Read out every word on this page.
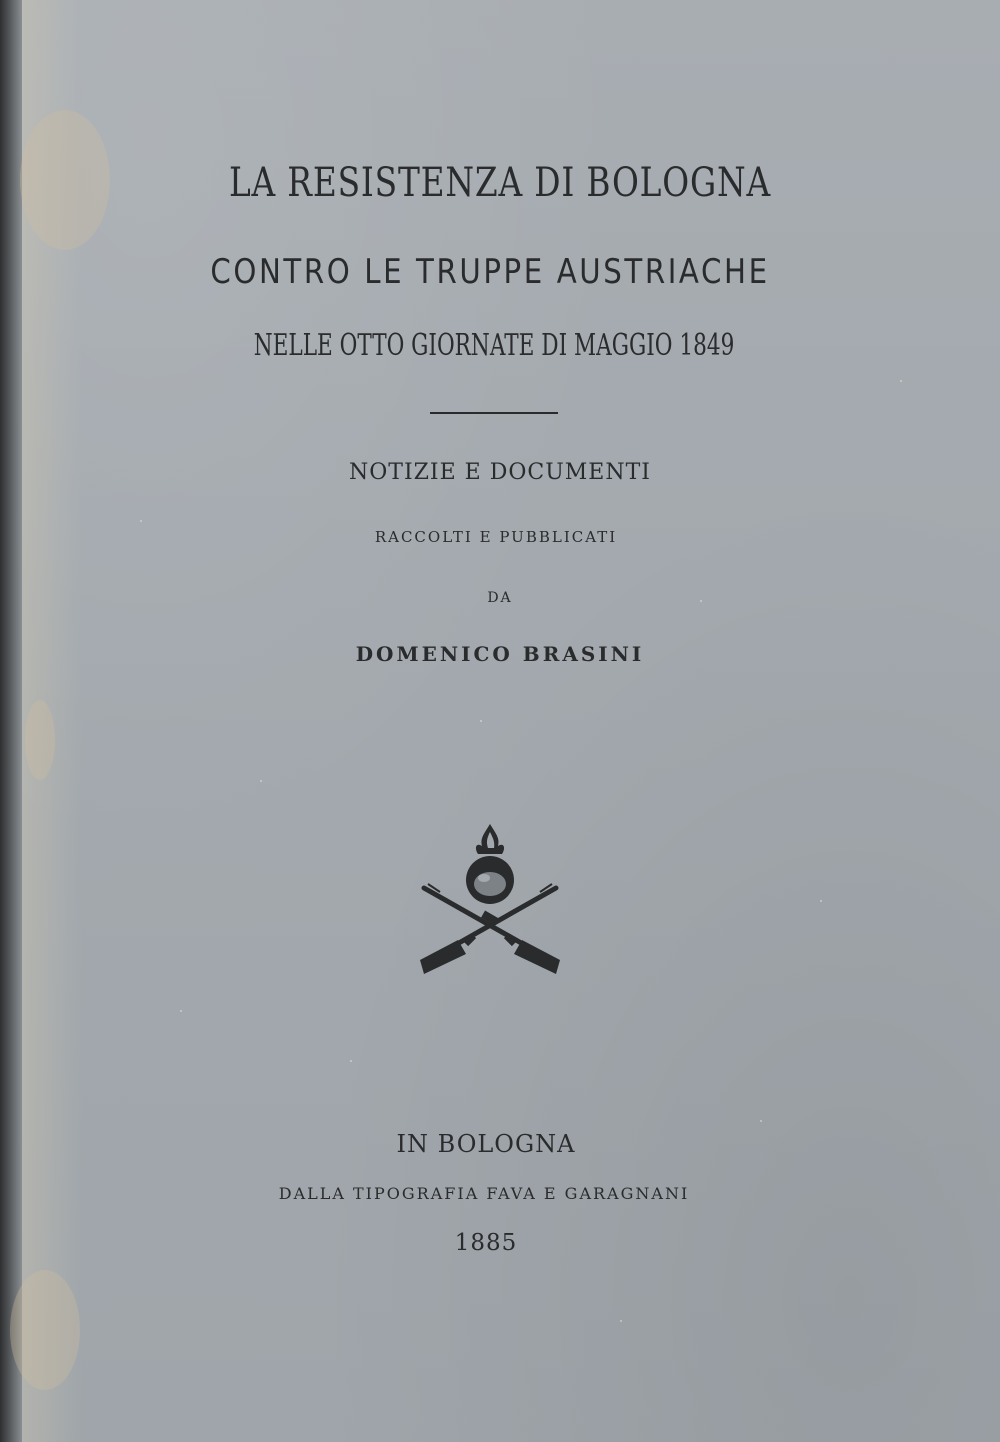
LA RESISTENZA DI BOLOGNA
CONTRO LE TRUPPE AUSTRIACHE
NELLE OTTO GIORNATE DI MAGGIO 1849
NOTIZIE E DOCUMENTI
RACCOLTI E PUBBLICATI
DA
DOMENICO BRASINI
IN BOLOGNA
DALLA TIPOGRAFIA FAVA E GARAGNANI
1885
